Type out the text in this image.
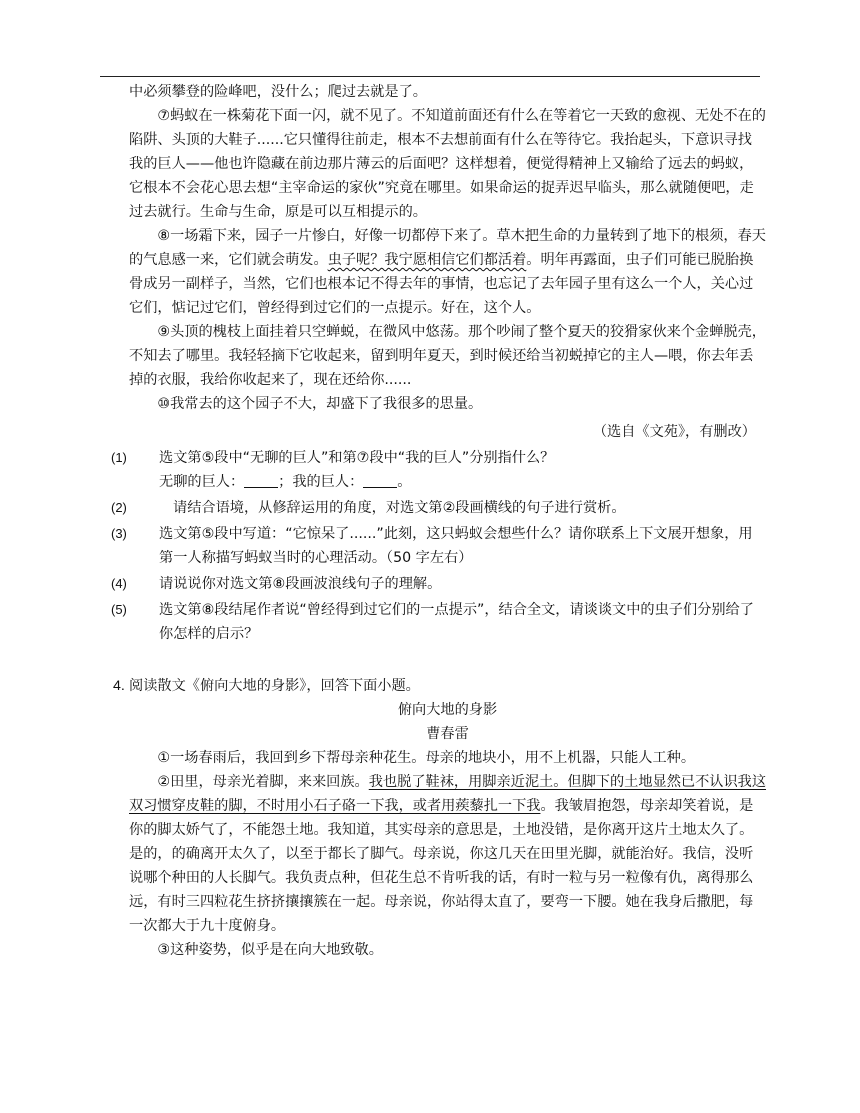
中必须攀登的险峰吧，没什么；爬过去就是了。

⑦蚂蚁在一株菊花下面一闪，就不见了。不知道前面还有什么在等着它一天致的愈视、无处不在的陷阱、头顶的大鞋子......它只懂得往前走，根本不去想前面有什么在等待它。我抬起头，下意识寻找我的巨人——他也许隐藏在前边那片薄云的后面吧？这样想着，便觉得精神上又输给了远去的蚂蚁，它根本不会花心思去想“主宰命运的家伙”究竟在哪里。如果命运的捉弄迟早临头，那么就随便吧，走过去就行。生命与生命，原是可以互相提示的。

⑧一场霜下来，园子一片惨白，好像一切都停下来了。草木把生命的力量转到了地下的根须，春天的气息感一来，它们就会萌发。虫子呢？我宁愿相信它们都活着。明年再露面，虫子们可能已脱胎换骨成另一副样子，当然，它们也根本记不得去年的事情，也忘记了去年园子里有这么一个人，关心过它们，惦记过它们，曾经得到过它们的一点提示。好在，这个人。

⑨头顶的槐枝上面挂着只空蝉蜕，在微风中悠荡。那个吵闹了整个夏天的狡猾家伙来个金蝉脱壳，不知去了哪里。我轻轻摘下它收起来，留到明年夏天，到时候还给当初蜕掉它的主人—喂，你去年丢掉的衣服，我给你收起来了，现在还给你......

⑩我常去的这个园子不大，却盛下了我很多的思量。

（选自《文苑》，有删改）

(1) 选文第⑤段中“无聊的巨人”和第⑦段中“我的巨人”分别指什么？
无聊的巨人： ；我的巨人： 。
(2)	请结合语境，从修辞运用的角度，对选文第②段画横线的句子进行赏析。
(3) 选文第⑤段中写道：“它惊呆了......”此刻，这只蚂蚁会想些什么？请你联系上下文展开想象，用第一人称描写蚂蚁当时的心理活动。（50 字左右）
(4) 请说说你对选文第⑧段画波浪线句子的理解。
(5) 选文第⑧段结尾作者说“曾经得到过它们的一点提示”，结合全文，请谈谈文中的虫子们分别给了你怎样的启示？

4. 阅读散文《俯向大地的身影》，回答下面小题。

俯向大地的身影

曹春雷

①一场春雨后，我回到乡下帮母亲种花生。母亲的地块小，用不上机器，只能人工种。

②田里，母亲光着脚，来来回族。我也脱了鞋袜，用脚亲近泥土。但脚下的土地显然已不认识我这双习惯穿皮鞋的脚，不时用小石子硌一下我，或者用蒺藜扎一下我。我皱眉抱怨，母亲却笑着说，是你的脚太娇气了，不能怨土地。我知道，其实母亲的意思是，土地没错，是你离开这片土地太久了。是的，的确离开太久了，以至于都长了脚气。母亲说，你这几天在田里光脚，就能治好。我信，没听说哪个种田的人长脚气。我负责点种，但花生总不肯听我的话，有时一粒与另一粒像有仇，离得那么远，有时三四粒花生挤挤攘攘簇在一起。母亲说，你站得太直了，要弯一下腰。她在我身后撒肥，每一次都大于九十度俯身。

③这种姿势，似乎是在向大地致敬。
